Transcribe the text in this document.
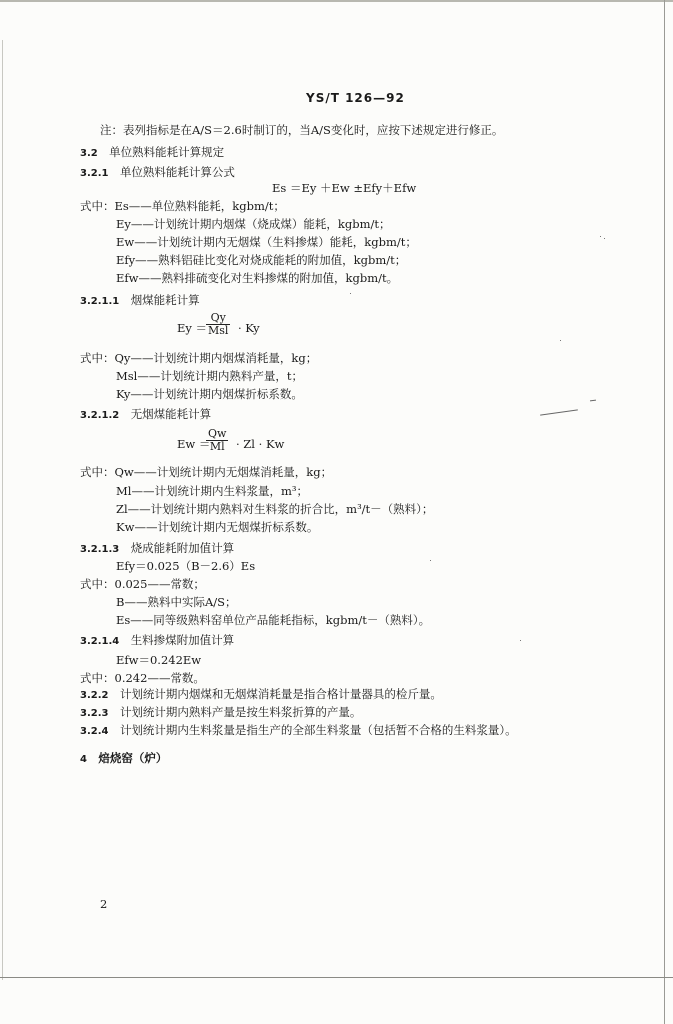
YS/T 126—92
注：表列指标是在A/S＝2.6时制订的，当A/S变化时，应按下述规定进行修正。
3.2 单位熟料能耗计算规定
3.2.1 单位熟料能耗计算公式
Es ＝Ey ＋Ew ±Efy＋Efw
式中：Es——单位熟料能耗，kgbm/t；
Ey——计划统计期内烟煤（烧成煤）能耗，kgbm/t；
Ew——计划统计期内无烟煤（生料掺煤）能耗，kgbm/t；
Efy——熟料铝硅比变化对烧成能耗的附加值，kgbm/t；
Efw——熟料排硫变化对生料掺煤的附加值，kgbm/t。
3.2.1.1 烟煤能耗计算
Ey ＝
Qy
Msl · Ky
式中：Qy——计划统计期内烟煤消耗量，kg；
Msl——计划统计期内熟料产量，t；
Ky——计划统计期内烟煤折标系数。
3.2.1.2 无烟煤能耗计算
Ew ＝
$\frac{Qw}{Ml} \cdot Zl \cdot Kw$
式中：Qw——计划统计期内无烟煤消耗量，kg；
Ml——计划统计期内生料浆量，m³；
Zl——计划统计期内熟料对生料浆的折合比，m³/t－（熟料）；
Kw——计划统计期内无烟煤折标系数。
3.2.1.3 烧成能耗附加值计算
Efy＝0.025（B－2.6）Es
式中：0.025——常数；
B——熟料中实际A/S；
Es——同等级熟料窑单位产品能耗指标，kgbm/t－（熟料）。
3.2.1.4 生料掺煤附加值计算
Efw＝0.242Ew
式中：0.242——常数。
3.2.2 计划统计期内烟煤和无烟煤消耗量是指合格计量器具的检斤量。
3.2.3 计划统计期内熟料产量是按生料浆折算的产量。
3.2.4 计划统计期内生料浆量是指生产的全部生料浆量（包括暂不合格的生料浆量）。
4 焙烧窑（炉）
2
